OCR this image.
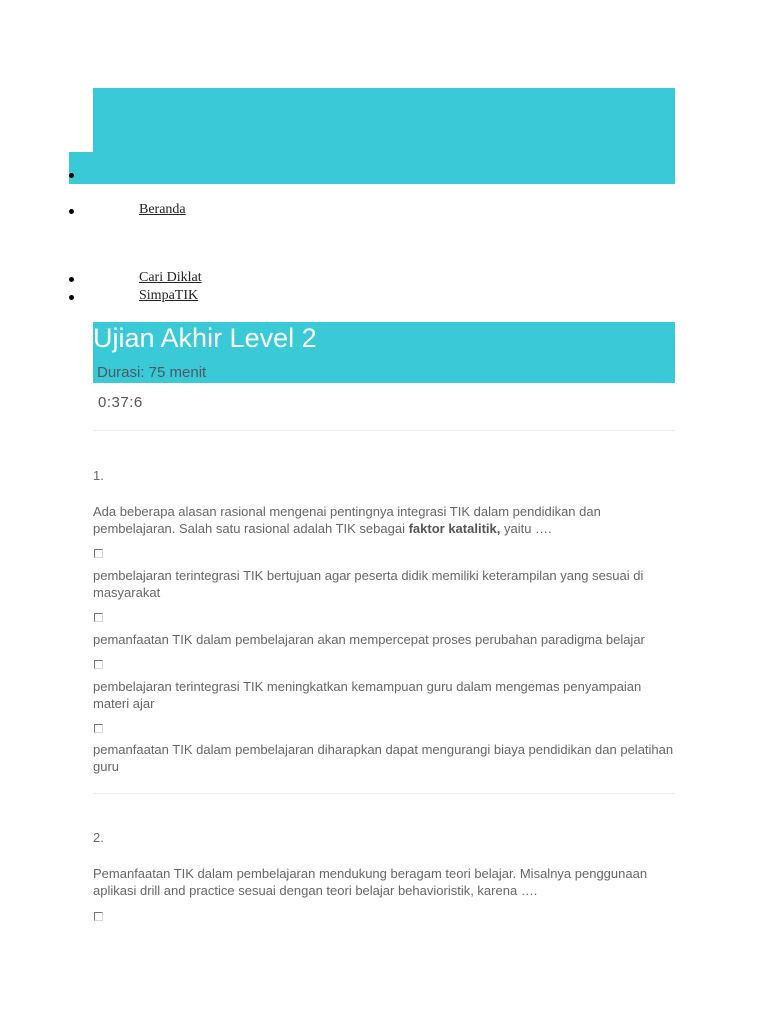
Beranda
Cari Diklat
SimpaTIK
Ujian Akhir Level 2
Durasi: 75 menit
0:37:6
1.
Ada beberapa alasan rasional mengenai pentingnya integrasi TIK dalam pendidikan dan pembelajaran. Salah satu rasional adalah TIK sebagai faktor katalitik, yaitu ….
pembelajaran terintegrasi TIK bertujuan agar peserta didik memiliki keterampilan yang sesuai di masyarakat
pemanfaatan TIK dalam pembelajaran akan mempercepat proses perubahan paradigma belajar
pembelajaran terintegrasi TIK meningkatkan kemampuan guru dalam mengemas penyampaian materi ajar
pemanfaatan TIK dalam pembelajaran diharapkan dapat mengurangi biaya pendidikan dan pelatihan guru
2.
Pemanfaatan TIK dalam pembelajaran mendukung beragam teori belajar. Misalnya penggunaan aplikasi drill and practice sesuai dengan teori belajar behavioristik, karena ….
